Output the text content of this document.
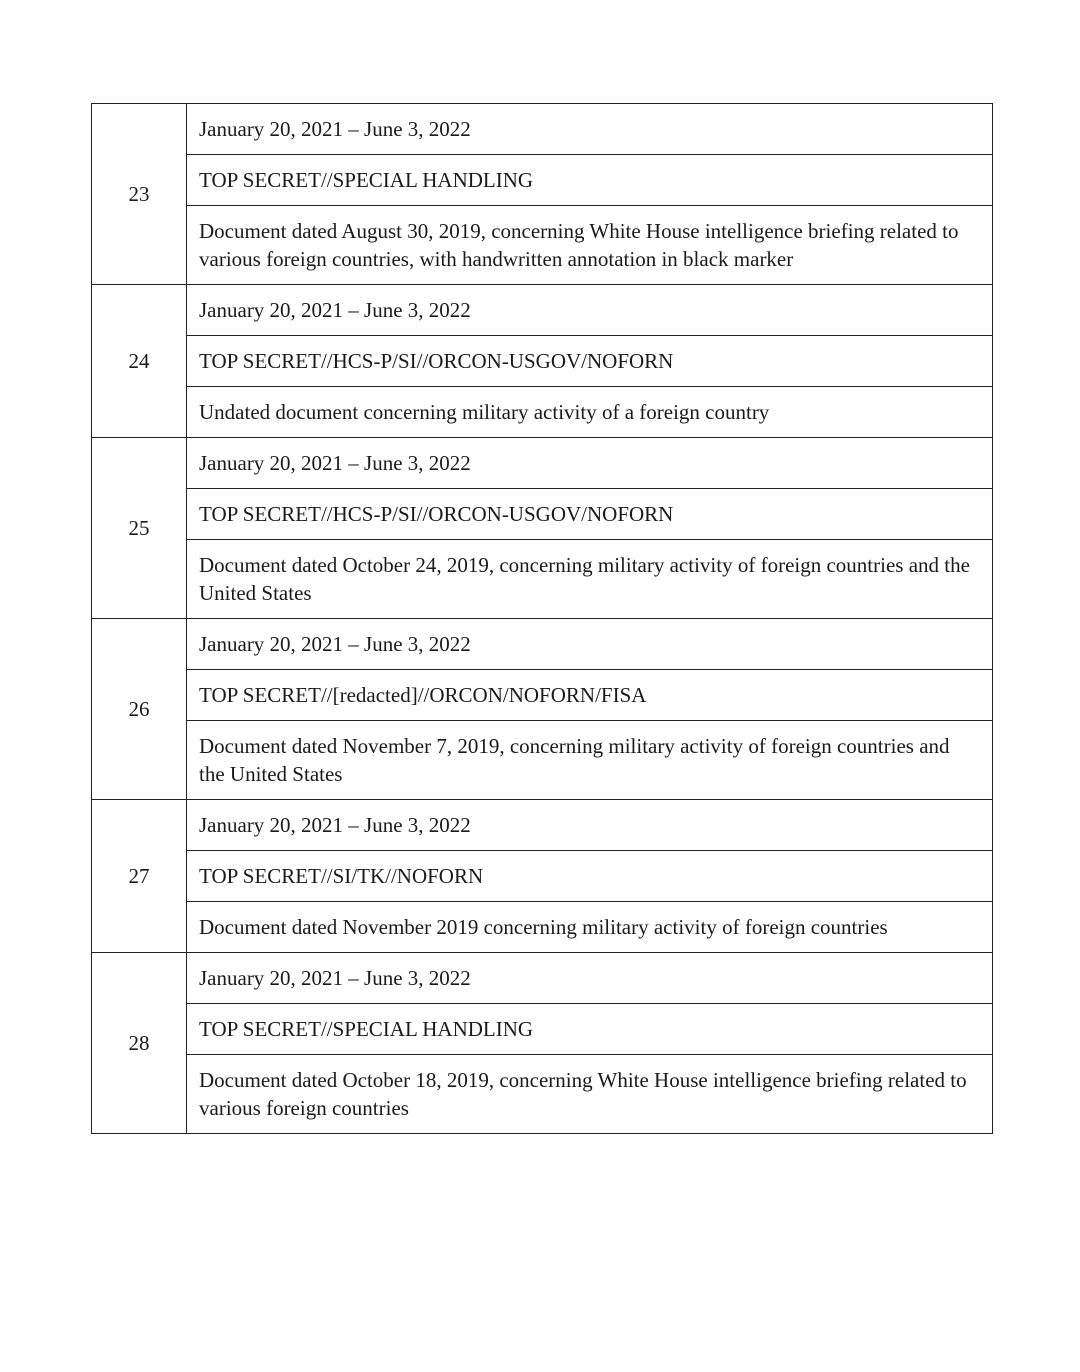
23	January 20, 2021 – June 3, 2022
	TOP SECRET//SPECIAL HANDLING
	Document dated August 30, 2019, concerning White House intelligence briefing related to various foreign countries, with handwritten annotation in black marker
24	January 20, 2021 – June 3, 2022
	TOP SECRET//HCS-P/SI//ORCON-USGOV/NOFORN
	Undated document concerning military activity of a foreign country
25	January 20, 2021 – June 3, 2022
	TOP SECRET//HCS-P/SI//ORCON-USGOV/NOFORN
	Document dated October 24, 2019, concerning military activity of foreign countries and the United States
26	January 20, 2021 – June 3, 2022
	TOP SECRET//[redacted]//ORCON/NOFORN/FISA
	Document dated November 7, 2019, concerning military activity of foreign countries and the United States
27	January 20, 2021 – June 3, 2022
	TOP SECRET//SI/TK//NOFORN
	Document dated November 2019 concerning military activity of foreign countries
28	January 20, 2021 – June 3, 2022
	TOP SECRET//SPECIAL HANDLING
	Document dated October 18, 2019, concerning White House intelligence briefing related to various foreign countries
